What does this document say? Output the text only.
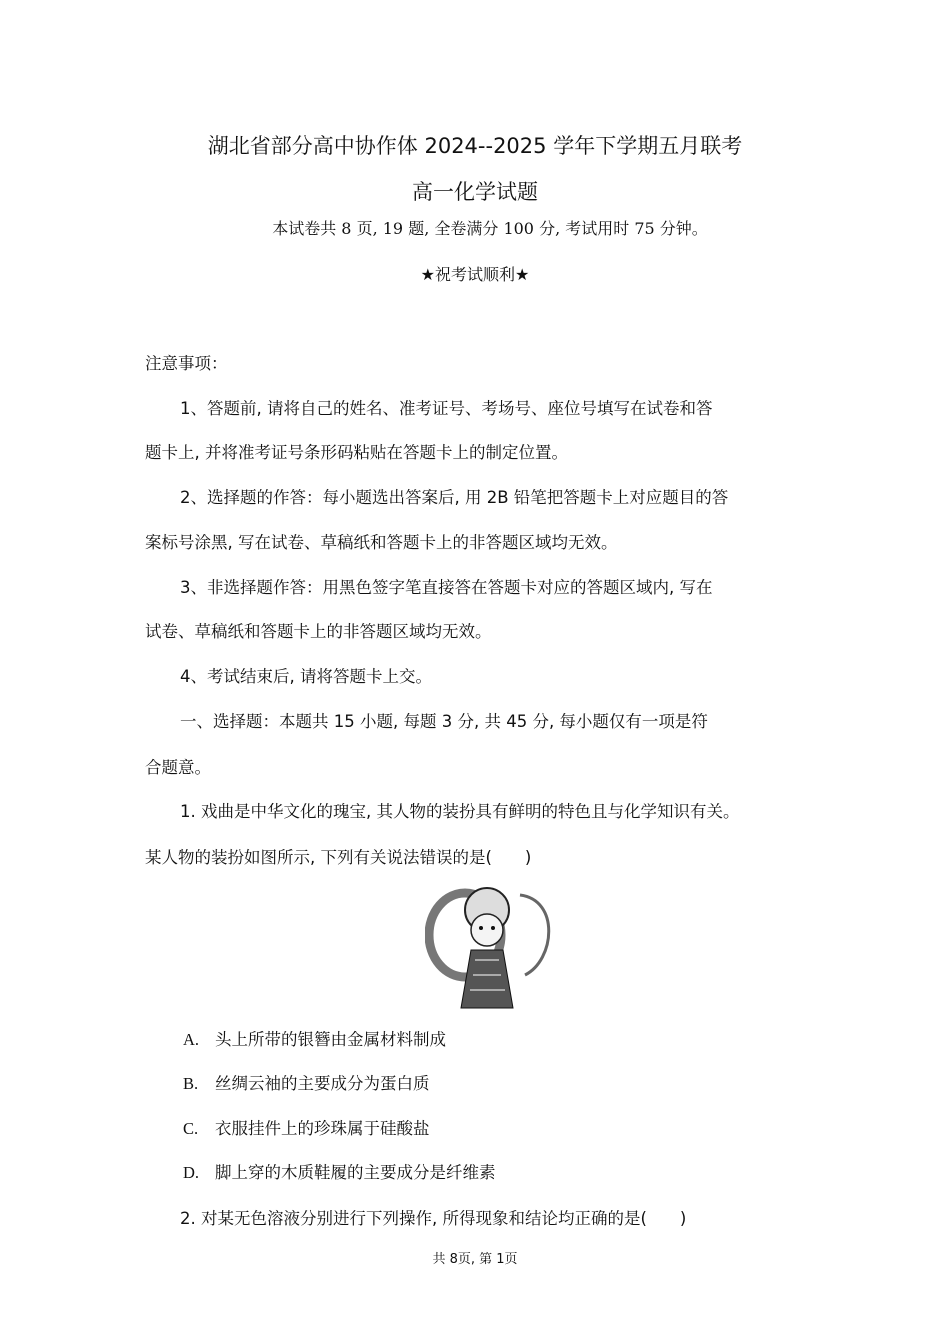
湖北省部分高中协作体 2024--2025 学年下学期五月联考
高一化学试题
本试卷共 8 页, 19 题, 全卷满分 100 分, 考试用时 75 分钟。
★祝考试顺利★
注意事项：
1、答题前, 请将自己的姓名、准考证号、考场号、座位号填写在试卷和答
题卡上, 并将准考证号条形码粘贴在答题卡上的制定位置。
2、选择题的作答：每小题选出答案后, 用 2B 铅笔把答题卡上对应题目的答
案标号涂黑, 写在试卷、草稿纸和答题卡上的非答题区域均无效。
3、非选择题作答：用黑色签字笔直接答在答题卡对应的答题区域内, 写在
试卷、草稿纸和答题卡上的非答题区域均无效。
4、考试结束后, 请将答题卡上交。
一、选择题：本题共 15 小题, 每题 3 分, 共 45 分, 每小题仅有一项是符
合题意。
1. 戏曲是中华文化的瑰宝, 其人物的装扮具有鲜明的特色且与化学知识有关。
某人物的装扮如图所示, 下列有关说法错误的是(　　)
A. 头上所带的银簪由金属材料制成
B. 丝绸云袖的主要成分为蛋白质
C. 衣服挂件上的珍珠属于硅酸盐
D. 脚上穿的木质鞋履的主要成分是纤维素
2. 对某无色溶液分别进行下列操作, 所得现象和结论均正确的是(　　)
共 8页, 第 1页
